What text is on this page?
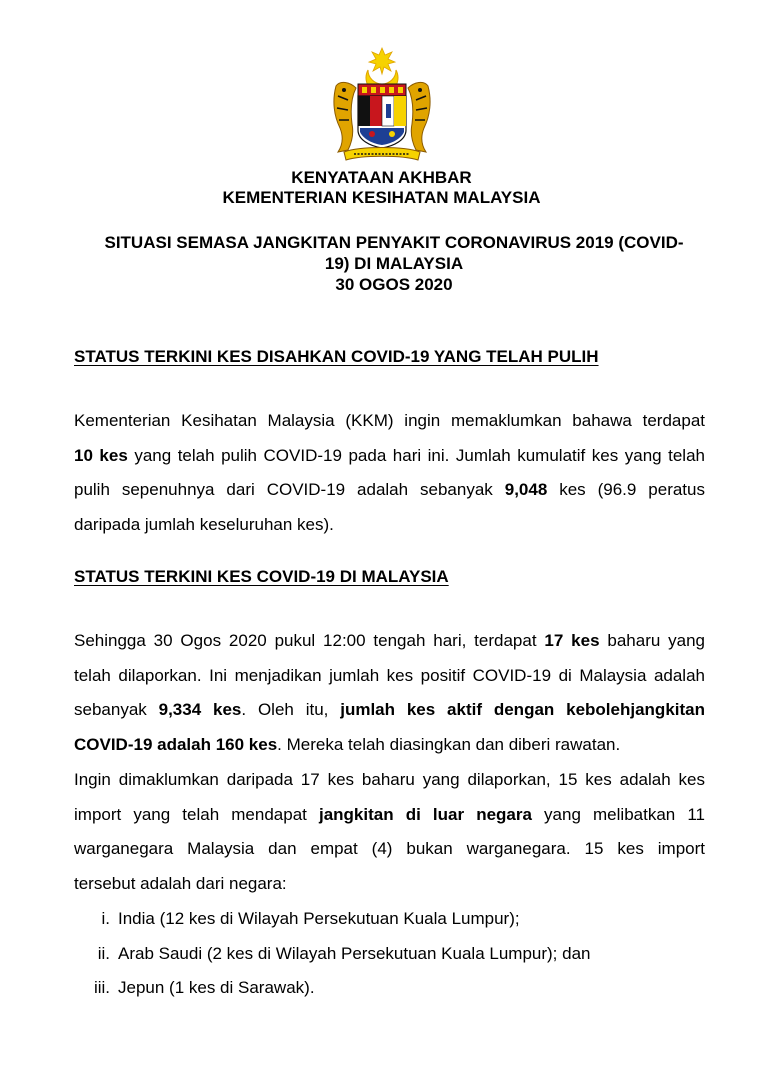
KENYATAAN AKHBAR
KEMENTERIAN KESIHATAN MALAYSIA
SITUASI SEMASA JANGKITAN PENYAKIT CORONAVIRUS 2019 (COVID-
19) DI MALAYSIA
30 OGOS 2020
STATUS TERKINI KES DISAHKAN COVID-19 YANG TELAH PULIH
Kementerian Kesihatan Malaysia (KKM) ingin memaklumkan bahawa terdapat
10 kes yang telah pulih COVID-19 pada hari ini. Jumlah kumulatif kes yang telah
pulih sepenuhnya dari COVID-19 adalah sebanyak 9,048 kes (96.9 peratus
daripada jumlah keseluruhan kes).
STATUS TERKINI KES COVID-19 DI MALAYSIA
Sehingga 30 Ogos 2020 pukul 12:00 tengah hari, terdapat 17 kes baharu yang
telah dilaporkan. Ini menjadikan jumlah kes positif COVID-19 di Malaysia adalah
sebanyak 9,334 kes. Oleh itu, jumlah kes aktif dengan kebolehjangkitan
COVID-19 adalah 160 kes. Mereka telah diasingkan dan diberi rawatan.
Ingin dimaklumkan daripada 17 kes baharu yang dilaporkan, 15 kes adalah kes
import yang telah mendapat jangkitan di luar negara yang melibatkan 11
warganegara Malaysia dan empat (4) bukan warganegara. 15 kes import
tersebut adalah dari negara:
i. India (12 kes di Wilayah Persekutuan Kuala Lumpur);
ii. Arab Saudi (2 kes di Wilayah Persekutuan Kuala Lumpur); dan
iii. Jepun (1 kes di Sarawak).
